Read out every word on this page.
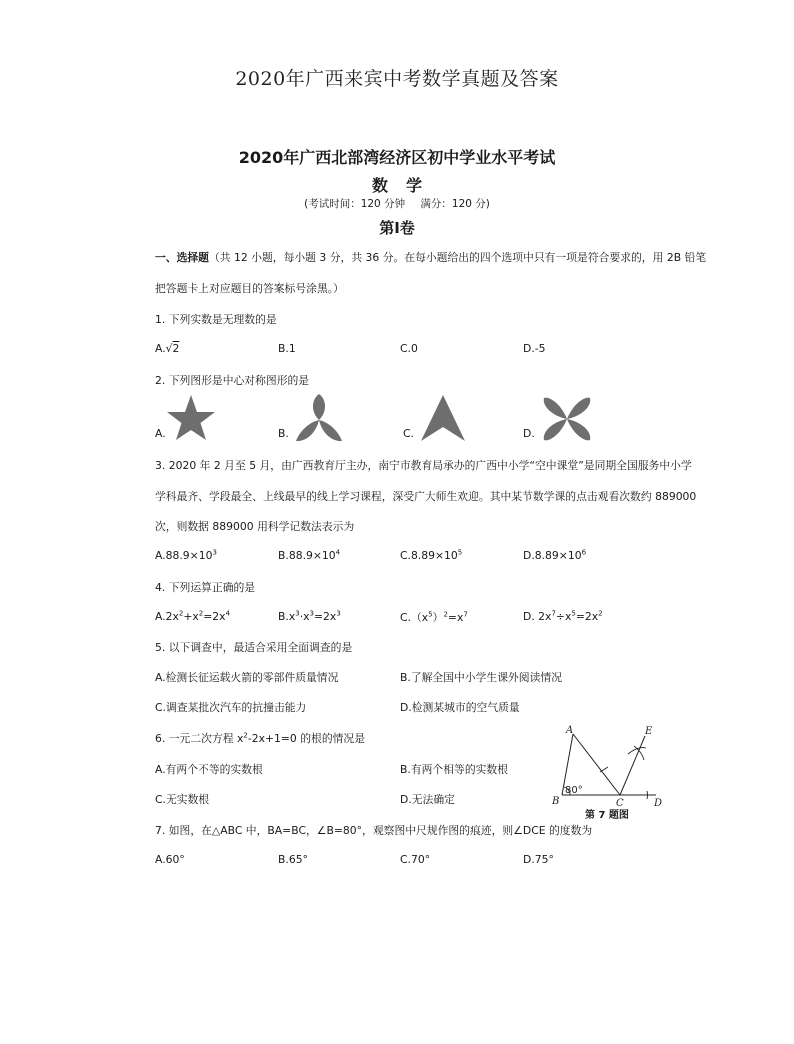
2020年广西来宾中考数学真题及答案
2020年广西北部湾经济区初中学业水平考试
数学
(考试时间：120 分钟 满分：120 分)
第Ⅰ卷
一、选择题（共 12 小题，每小题 3 分，共 36 分。在每小题给出的四个选项中只有一项是符合要求的，用 2B 铅笔
把答题卡上对应题目的答案标号涂黑。）
1. 下列实数是无理数的是
A.√2	B.1	C.0	D.-5
2. 下列图形是中心对称图形的是
A.	B.	C.	D.
3. 2020 年 2 月至 5 月，由广西教育厅主办，南宁市教育局承办的广西中小学“空中课堂”是同期全国服务中小学
学科最齐、学段最全、上线最早的线上学习课程，深受广大师生欢迎。其中某节数学课的点击观看次数约 889000
次，则数据 889000 用科学记数法表示为
$A.88.9\times 10^3$	$B.88.9\times 10^4$	$C.8.89\times 10^5$	$D.8.89\times 10^6$
4. 下列运算正确的是
$A.2x^2+x^2=2x^4$	$B.x^3\cdot x^3=2x^3$	$C.(x^5)^2=x^7$	D. $2x^7\div x^5=2x^2$
5. 以下调查中，最适合采用全面调查的是
A.检测长征运载火箭的零部件质量情况	B.了解全国中小学生课外阅读情况
C.调查某批次汽车的抗撞击能力	D.检测某城市的空气质量
6. 一元二次方程 $x^2-2x+1=0$ 的根的情况是
A.有两个不等的实数根	B.有两个相等的实数根
C.无实数根	D.无法确定
7. 如图，在△ABC 中，BA=BC，∠B=80°，观察图中尺规作图的痕迹，则∠DCE 的度数为
A.60°	B.65°	C.70°	D.75°
80°
A
B	C	D
E
第 7 题图
